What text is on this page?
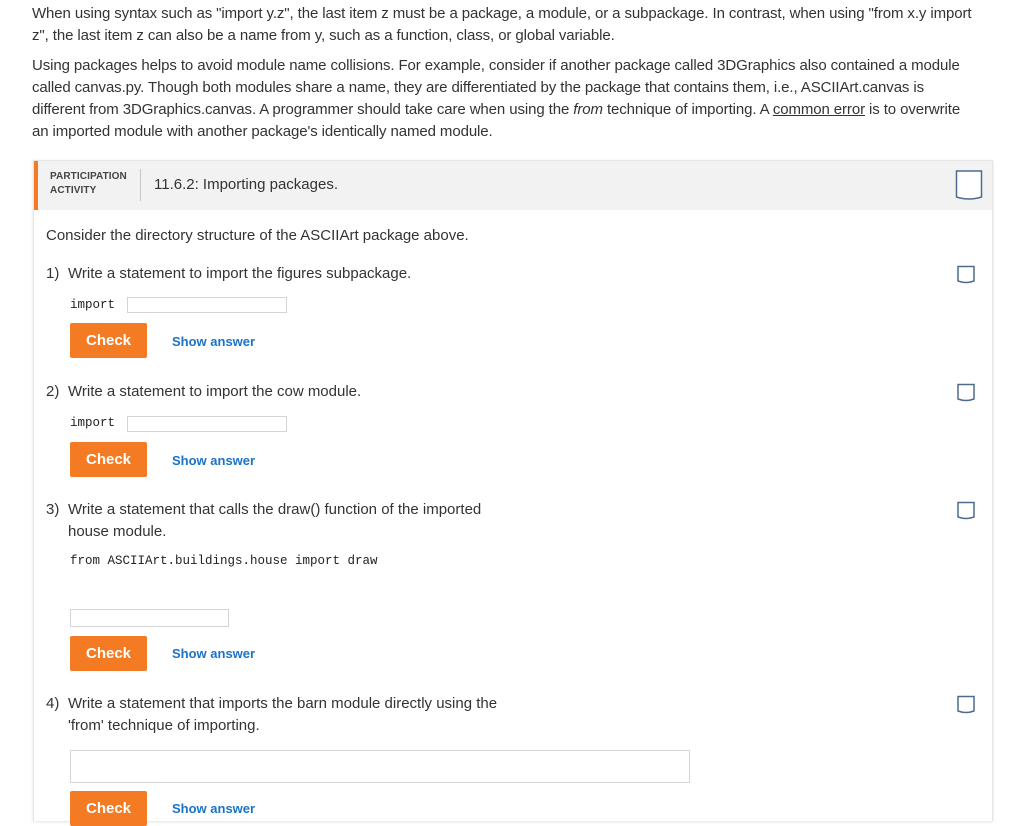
When using syntax such as "import y.z", the last item z must be a package, a module, or a subpackage. In contrast, when using "from x.y import z", the last item z can also be a name from y, such as a function, class, or global variable.
Using packages helps to avoid module name collisions. For example, consider if another package called 3DGraphics also contained a module called canvas.py. Though both modules share a name, they are differentiated by the package that contains them, i.e., ASCIIArt.canvas is different from 3DGraphics.canvas. A programmer should take care when using the from technique of importing. A common error is to overwrite an imported module with another package's identically named module.
PARTICIPATION
ACTIVITY	11.6.2: Importing packages.
Consider the directory structure of the ASCIIArt package above.
1) Write a statement to import the figures subpackage.
import
Check	Show answer
2) Write a statement to import the cow module.
import
Check	Show answer
3) Write a statement that calls the draw() function of the imported
house module.
from ASCIIArt.buildings.house import draw
Check	Show answer
4) Write a statement that imports the barn module directly using the
'from' technique of importing.
Check	Show answer
